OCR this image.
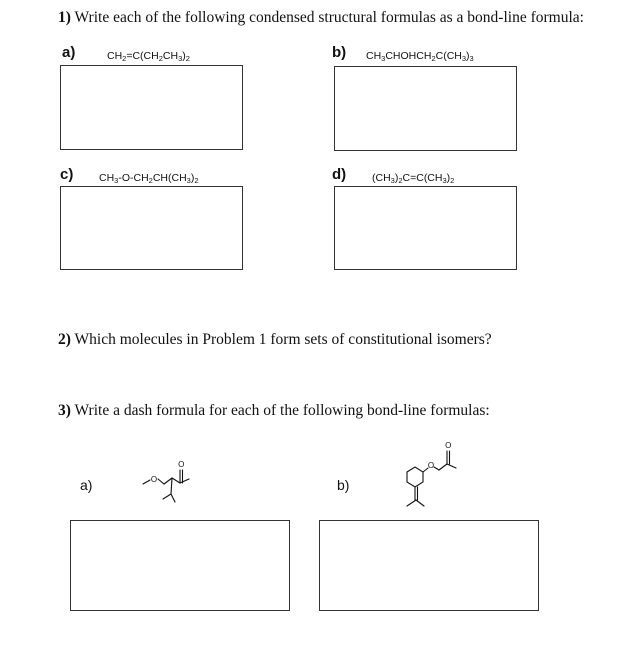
1) Write each of the following condensed structural formulas as a bond-line formula:
a)	$CH_2=C(CH_2CH_3)_2$	b) $CH_3CHOHCH_2C(CH_3)_3$
c) $CH_3-O-CH_2CH(CH_3)_2$	d) $(CH_3)_2C=C(CH_3)_2$
2) Which molecules in Problem 1 form sets of constitutional isomers?
3) Write a dash formula for each of the following bond-line formulas:
a)	O
O
b)
O
O
